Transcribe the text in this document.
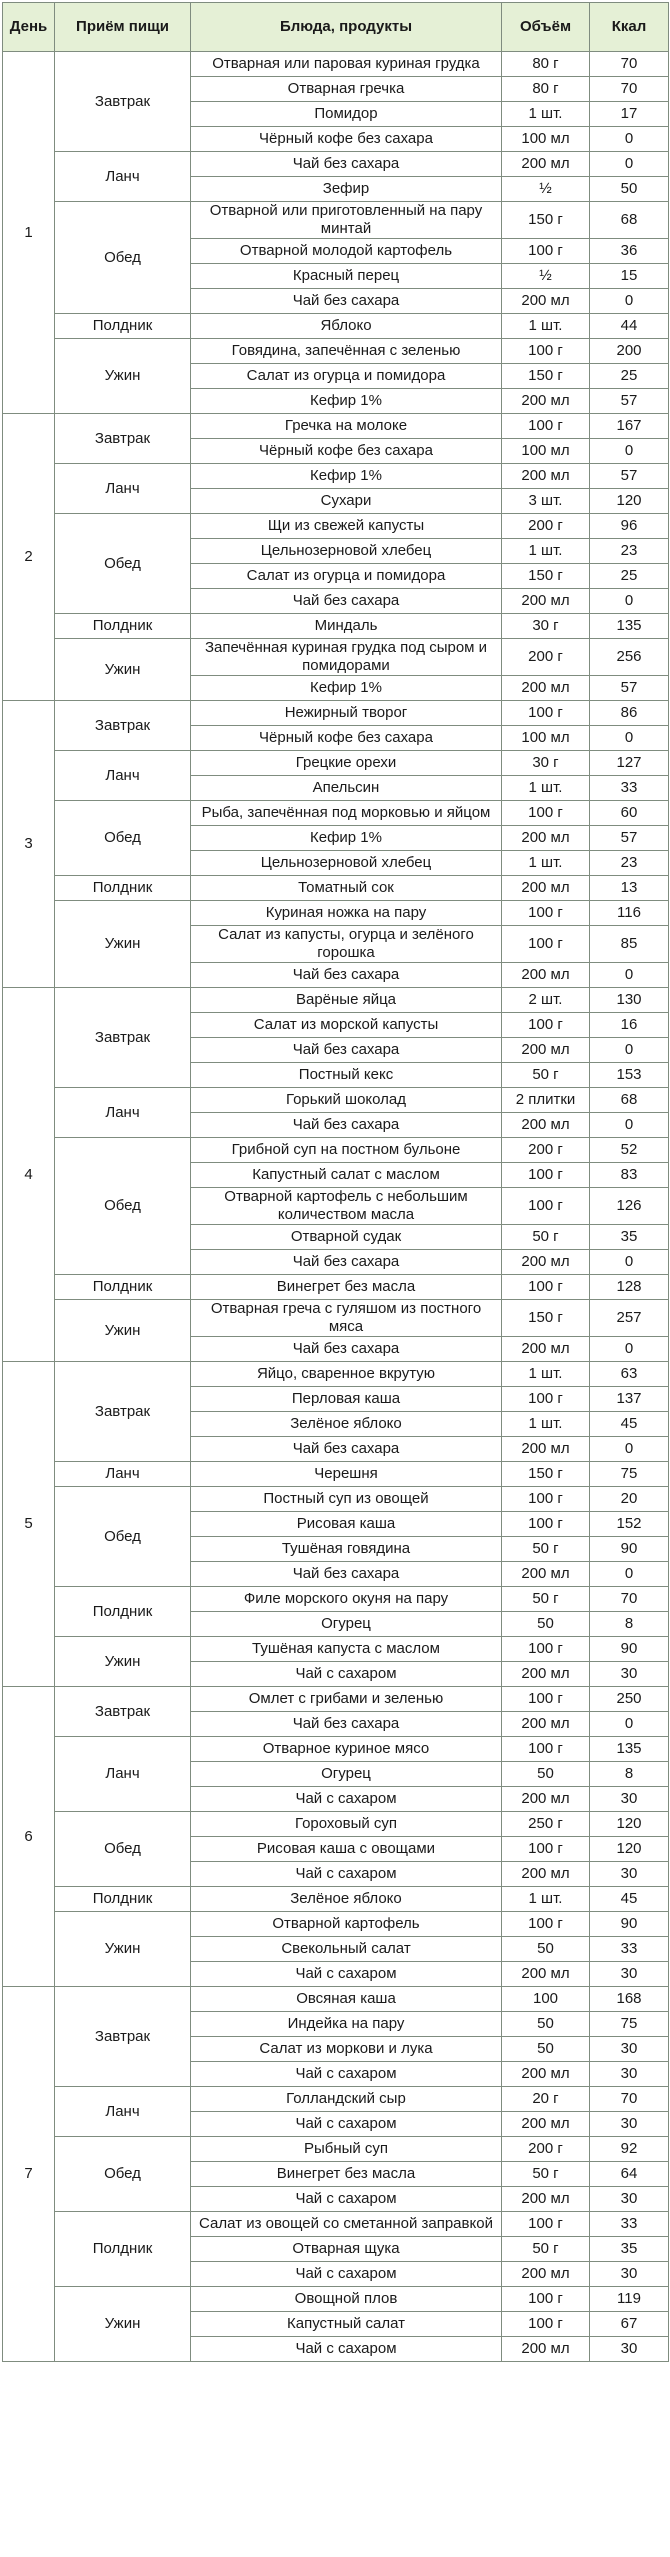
День	Приём пищи	Блюда, продукты	Объём	Ккал
1	Завтрак	Отварная или паровая куриная грудка	80 г	70
		Отварная гречка	80 г	70
		Помидор	1 шт.	17
		Чёрный кофе без сахара	100 мл	0
	Ланч	Чай без сахара	200 мл	0
		Зефир	½	50
	Обед	Отварной или приготовленный на пару минтай	150 г	68
		Отварной молодой картофель	100 г	36
		Красный перец	½	15
		Чай без сахара	200 мл	0
	Полдник	Яблоко	1 шт.	44
	Ужин	Говядина, запечённая с зеленью	100 г	200
		Салат из огурца и помидора	150 г	25
		Кефир 1%	200 мл	57
2	Завтрак	Гречка на молоке	100 г	167
		Чёрный кофе без сахара	100 мл	0
	Ланч	Кефир 1%	200 мл	57
		Сухари	3 шт.	120
	Обед	Щи из свежей капусты	200 г	96
		Цельнозерновой хлебец	1 шт.	23
		Салат из огурца и помидора	150 г	25
		Чай без сахара	200 мл	0
	Полдник	Миндаль	30 г	135
	Ужин	Запечённая куриная грудка под сыром и помидорами	200 г	256
		Кефир 1%	200 мл	57
3	Завтрак	Нежирный творог	100 г	86
		Чёрный кофе без сахара	100 мл	0
	Ланч	Грецкие орехи	30 г	127
		Апельсин	1 шт.	33
	Обед	Рыба, запечённая под морковью и яйцом	100 г	60
		Кефир 1%	200 мл	57
		Цельнозерновой хлебец	1 шт.	23
	Полдник	Томатный сок	200 мл	13
	Ужин	Куриная ножка на пару	100 г	116
		Салат из капусты, огурца и зелёного горошка	100 г	85
		Чай без сахара	200 мл	0
4	Завтрак	Варёные яйца	2 шт.	130
		Салат из морской капусты	100 г	16
		Чай без сахара	200 мл	0
		Постный кекс	50 г	153
	Ланч	Горький шоколад	2 плитки	68
		Чай без сахара	200 мл	0
	Обед	Грибной суп на постном бульоне	200 г	52
		Капустный салат с маслом	100 г	83
		Отварной картофель с небольшим количеством масла	100 г	126
		Отварной судак	50 г	35
		Чай без сахара	200 мл	0
	Полдник	Винегрет без масла	100 г	128
	Ужин	Отварная греча с гуляшом из постного мяса	150 г	257
		Чай без сахара	200 мл	0
5	Завтрак	Яйцо, сваренное вкрутую	1 шт.	63
		Перловая каша	100 г	137
		Зелёное яблоко	1 шт.	45
		Чай без сахара	200 мл	0
	Ланч	Черешня	150 г	75
	Обед	Постный суп из овощей	100 г	20
		Рисовая каша	100 г	152
		Тушёная говядина	50 г	90
		Чай без сахара	200 мл	0
	Полдник	Филе морского окуня на пару	50 г	70
		Огурец	50	8
	Ужин	Тушёная капуста с маслом	100 г	90
		Чай с сахаром	200 мл	30
6	Завтрак	Омлет с грибами и зеленью	100 г	250
		Чай без сахара	200 мл	0
	Ланч	Отварное куриное мясо	100 г	135
		Огурец	50	8
		Чай с сахаром	200 мл	30
	Обед	Гороховый суп	250 г	120
		Рисовая каша с овощами	100 г	120
		Чай с сахаром	200 мл	30
	Полдник	Зелёное яблоко	1 шт.	45
	Ужин	Отварной картофель	100 г	90
		Свекольный салат	50	33
		Чай с сахаром	200 мл	30
7	Завтрак	Овсяная каша	100	168
		Индейка на пару	50	75
		Салат из моркови и лука	50	30
		Чай с сахаром	200 мл	30
	Ланч	Голландский сыр	20 г	70
		Чай с сахаром	200 мл	30
	Обед	Рыбный суп	200 г	92
		Винегрет без масла	50 г	64
		Чай с сахаром	200 мл	30
	Полдник	Салат из овощей со сметанной заправкой	100 г	33
		Отварная щука	50 г	35
		Чай с сахаром	200 мл	30
	Ужин	Овощной плов	100 г	119
		Капустный салат	100 г	67
		Чай с сахаром	200 мл	30
